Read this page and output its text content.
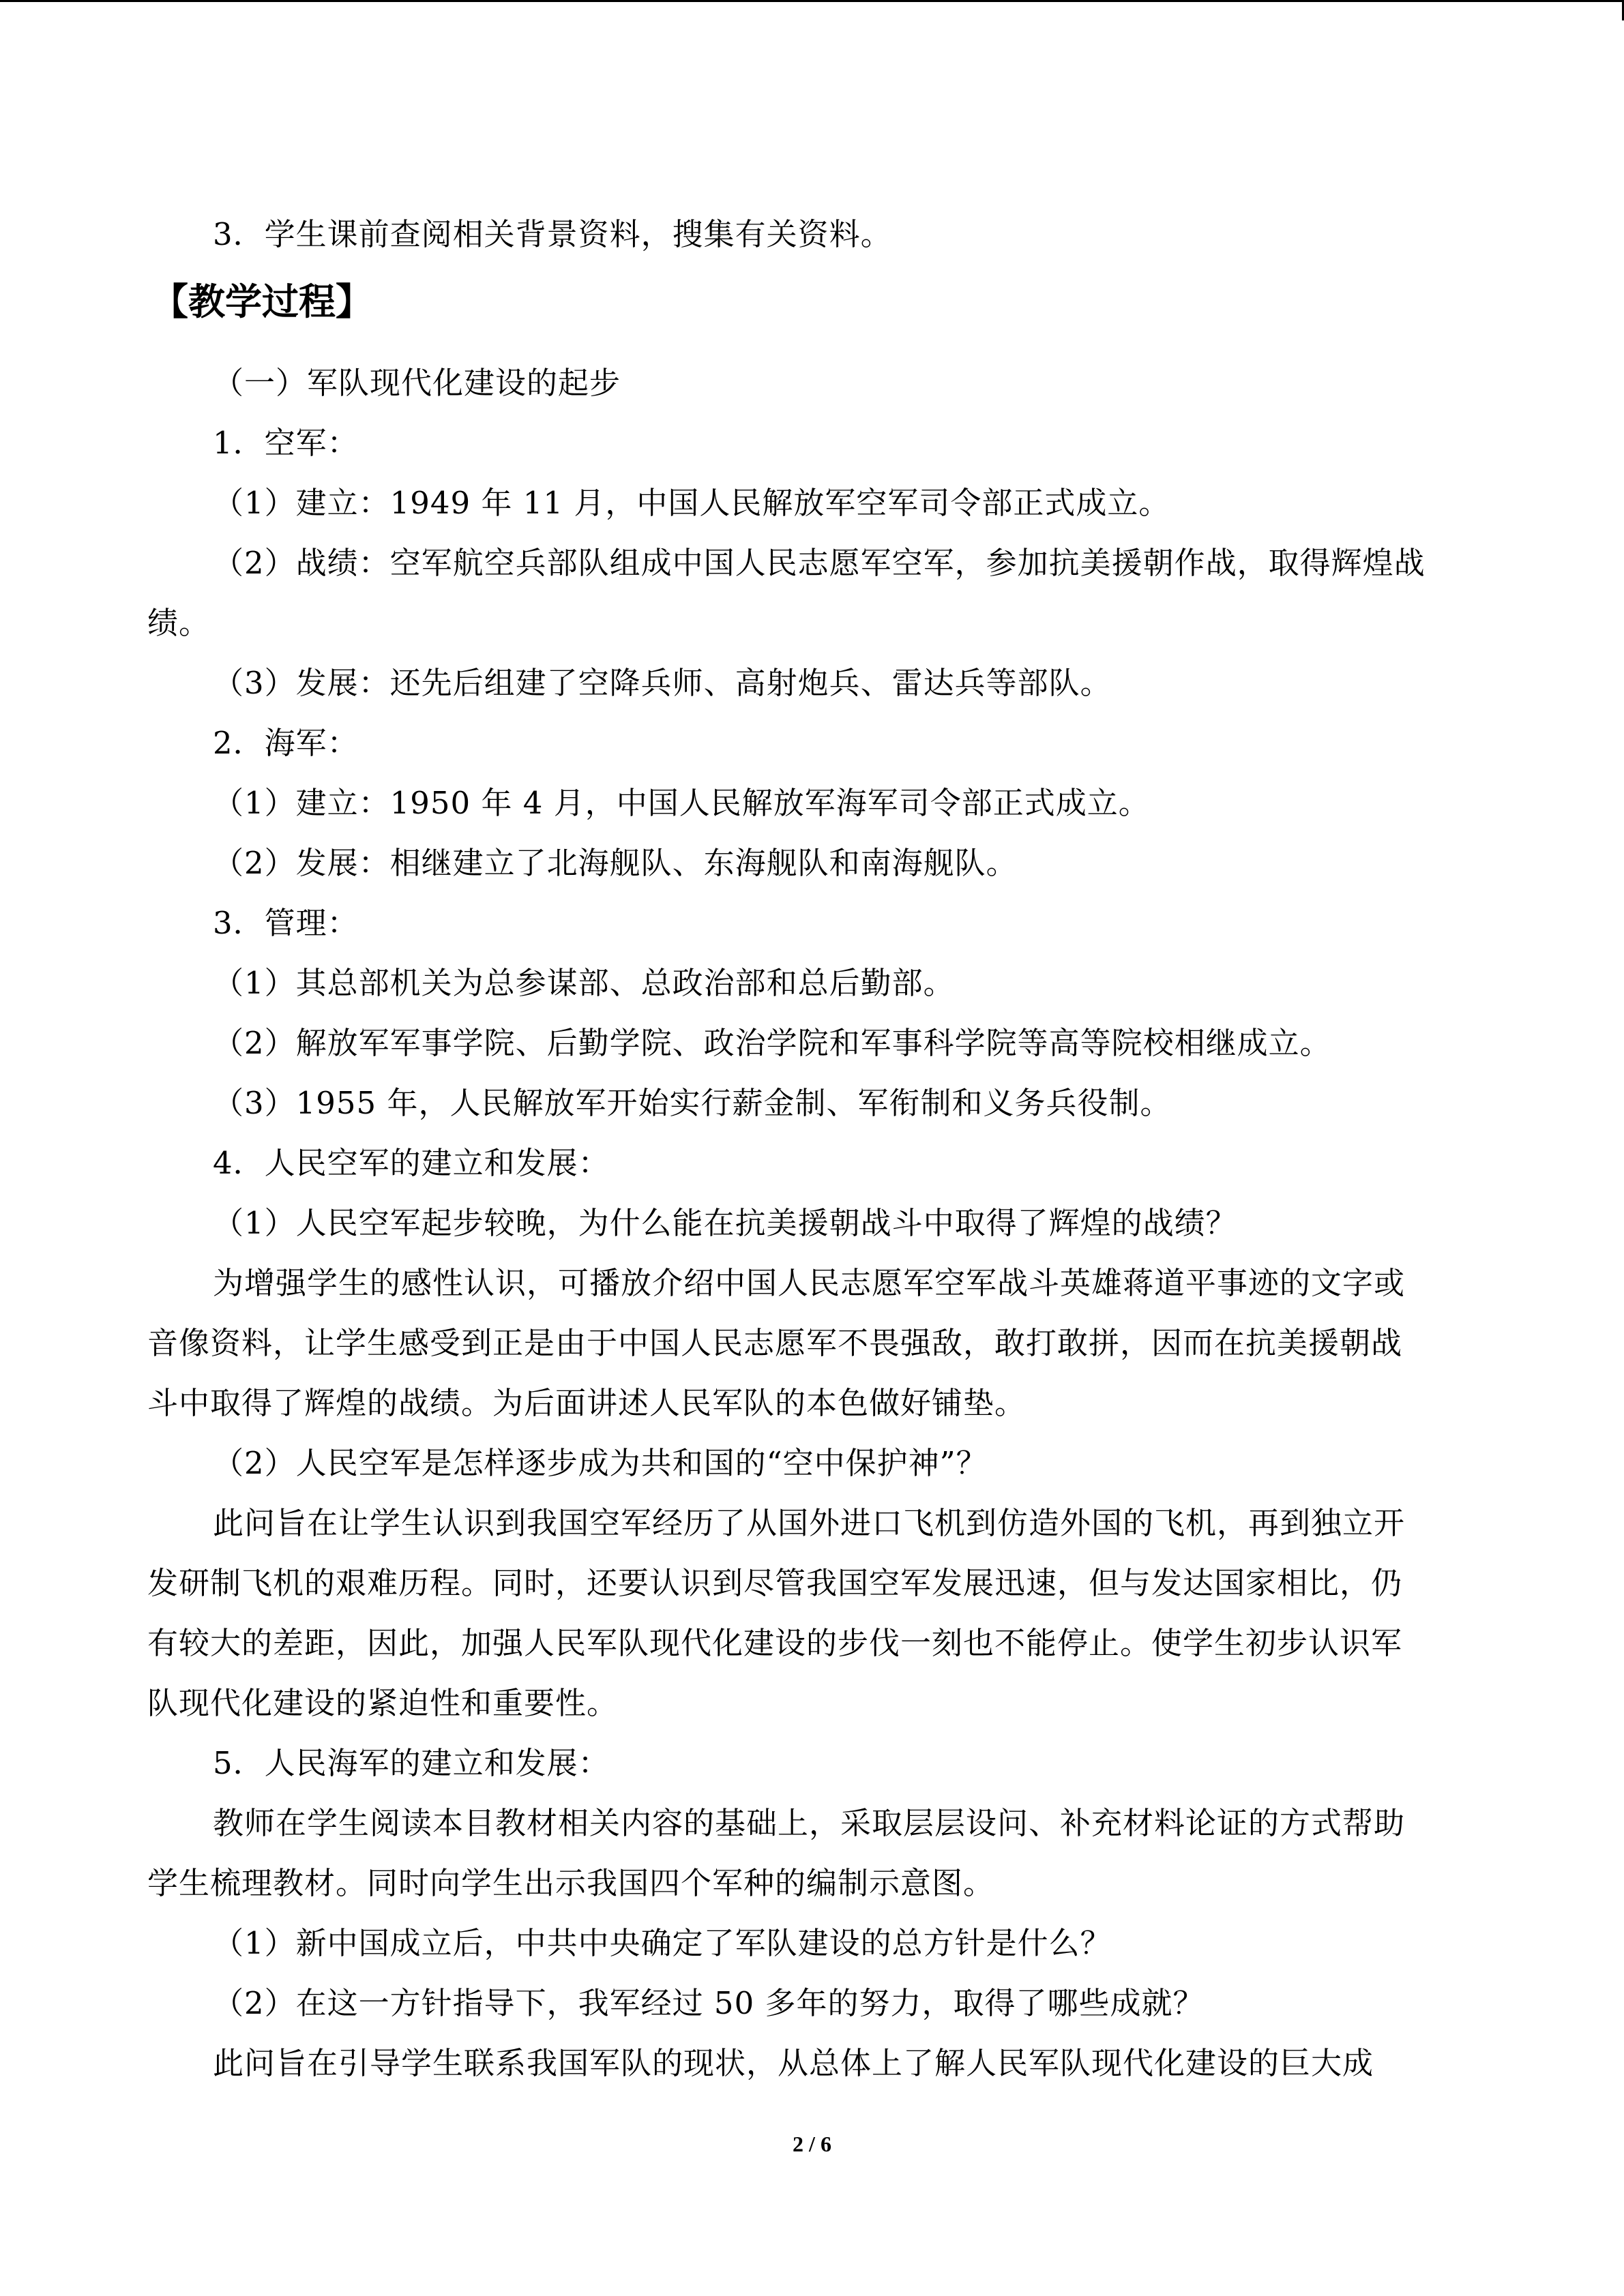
3．学生课前查阅相关背景资料，搜集有关资料。
【教学过程】
（一）军队现代化建设的起步
1．空军：
（1）建立：1949 年 11 月，中国人民解放军空军司令部正式成立。
（2）战绩：空军航空兵部队组成中国人民志愿军空军，参加抗美援朝作战，取得辉煌战
绩。
（3）发展：还先后组建了空降兵师、高射炮兵、雷达兵等部队。
2．海军：
（1）建立：1950 年 4 月，中国人民解放军海军司令部正式成立。
（2）发展：相继建立了北海舰队、东海舰队和南海舰队。
3．管理：
（1）其总部机关为总参谋部、总政治部和总后勤部。
（2）解放军军事学院、后勤学院、政治学院和军事科学院等高等院校相继成立。
（3）1955 年，人民解放军开始实行薪金制、军衔制和义务兵役制。
4．人民空军的建立和发展：
（1）人民空军起步较晚，为什么能在抗美援朝战斗中取得了辉煌的战绩？
为增强学生的感性认识，可播放介绍中国人民志愿军空军战斗英雄蒋道平事迹的文字或
音像资料，让学生感受到正是由于中国人民志愿军不畏强敌，敢打敢拼，因而在抗美援朝战
斗中取得了辉煌的战绩。为后面讲述人民军队的本色做好铺垫。
（2）人民空军是怎样逐步成为共和国的“空中保护神”？
此问旨在让学生认识到我国空军经历了从国外进口飞机到仿造外国的飞机，再到独立开
发研制飞机的艰难历程。同时，还要认识到尽管我国空军发展迅速，但与发达国家相比，仍
有较大的差距，因此，加强人民军队现代化建设的步伐一刻也不能停止。使学生初步认识军
队现代化建设的紧迫性和重要性。
5．人民海军的建立和发展：
教师在学生阅读本目教材相关内容的基础上，采取层层设问、补充材料论证的方式帮助
学生梳理教材。同时向学生出示我国四个军种的编制示意图。
（1）新中国成立后，中共中央确定了军队建设的总方针是什么？
（2）在这一方针指导下，我军经过 50 多年的努力，取得了哪些成就？
此问旨在引导学生联系我国军队的现状，从总体上了解人民军队现代化建设的巨大成
2 / 6
